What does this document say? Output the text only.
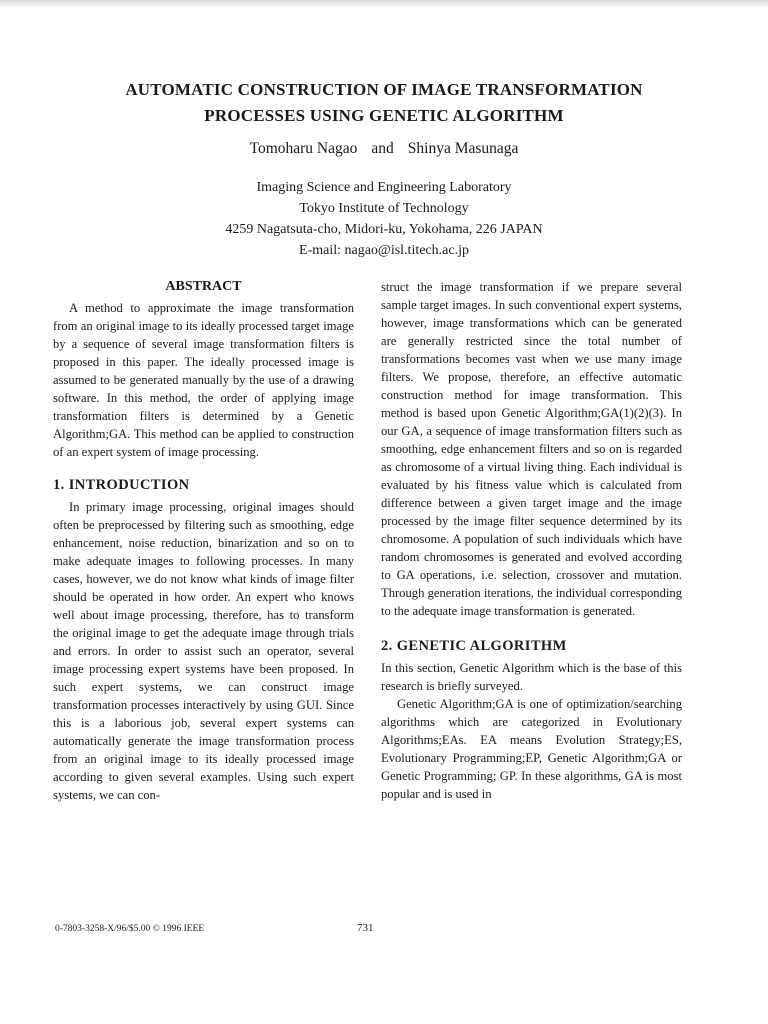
AUTOMATIC CONSTRUCTION OF IMAGE TRANSFORMATION
PROCESSES USING GENETIC ALGORITHM
Tomoharu Nagao and Shinya Masunaga
Imaging Science and Engineering Laboratory
Tokyo Institute of Technology
4259 Nagatsuta-cho, Midori-ku, Yokohama, 226 JAPAN
E-mail: nagao@isl.titech.ac.jp
ABSTRACT

A method to approximate the image transformation from an original image to its ideally processed target image by a sequence of several image transformation filters is proposed in this paper. The ideally processed image is assumed to be generated manually by the use of a drawing software. In this method, the order of applying image transformation filters is determined by a Genetic Algorithm;GA. This method can be applied to construction of an expert system of image processing.

1. INTRODUCTION

In primary image processing, original images should often be preprocessed by filtering such as smoothing, edge enhancement, noise reduction, binarization and so on to make adequate images to following processes. In many cases, however, we do not know what kinds of image filter should be operated in how order. An expert who knows well about image processing, therefore, has to transform the original image to get the adequate image through trials and errors. In order to assist such an operator, several image processing expert systems have been proposed. In such expert systems, we can construct image transformation processes interactively by using GUI. Since this is a laborious job, several expert systems can automatically generate the image transformation process from an original image to its ideally processed image according to given several examples. Using such expert systems, we can con-

struct the image transformation if we prepare several sample target images. In such conventional expert systems, however, image transformations which can be generated are generally restricted since the total number of transformations becomes vast when we use many image filters. We propose, therefore, an effective automatic construction method for image transformation. This method is based upon Genetic Algorithm;GA(1)(2)(3). In our GA, a sequence of image transformation filters such as smoothing, edge enhancement filters and so on is regarded as chromosome of a virtual living thing. Each individual is evaluated by his fitness value which is calculated from difference between a given target image and the image processed by the image filter sequence determined by its chromosome. A population of such individuals which have random chromosomes is generated and evolved according to GA operations, i.e. selection, crossover and mutation. Through generation iterations, the individual corresponding to the adequate image transformation is generated.

2. GENETIC ALGORITHM

In this section, Genetic Algorithm which is the base of this research is briefly surveyed.

Genetic Algorithm;GA is one of optimization/searching algorithms which are categorized in Evolutionary Algorithms;EAs. EA means Evolution Strategy;ES, Evolutionary Programming;EP, Genetic Algorithm;GA or Genetic Programming; GP. In these algorithms, GA is most popular and is used in

0-7803-3258-X/96/$5.00 © 1996 IEEE	731
